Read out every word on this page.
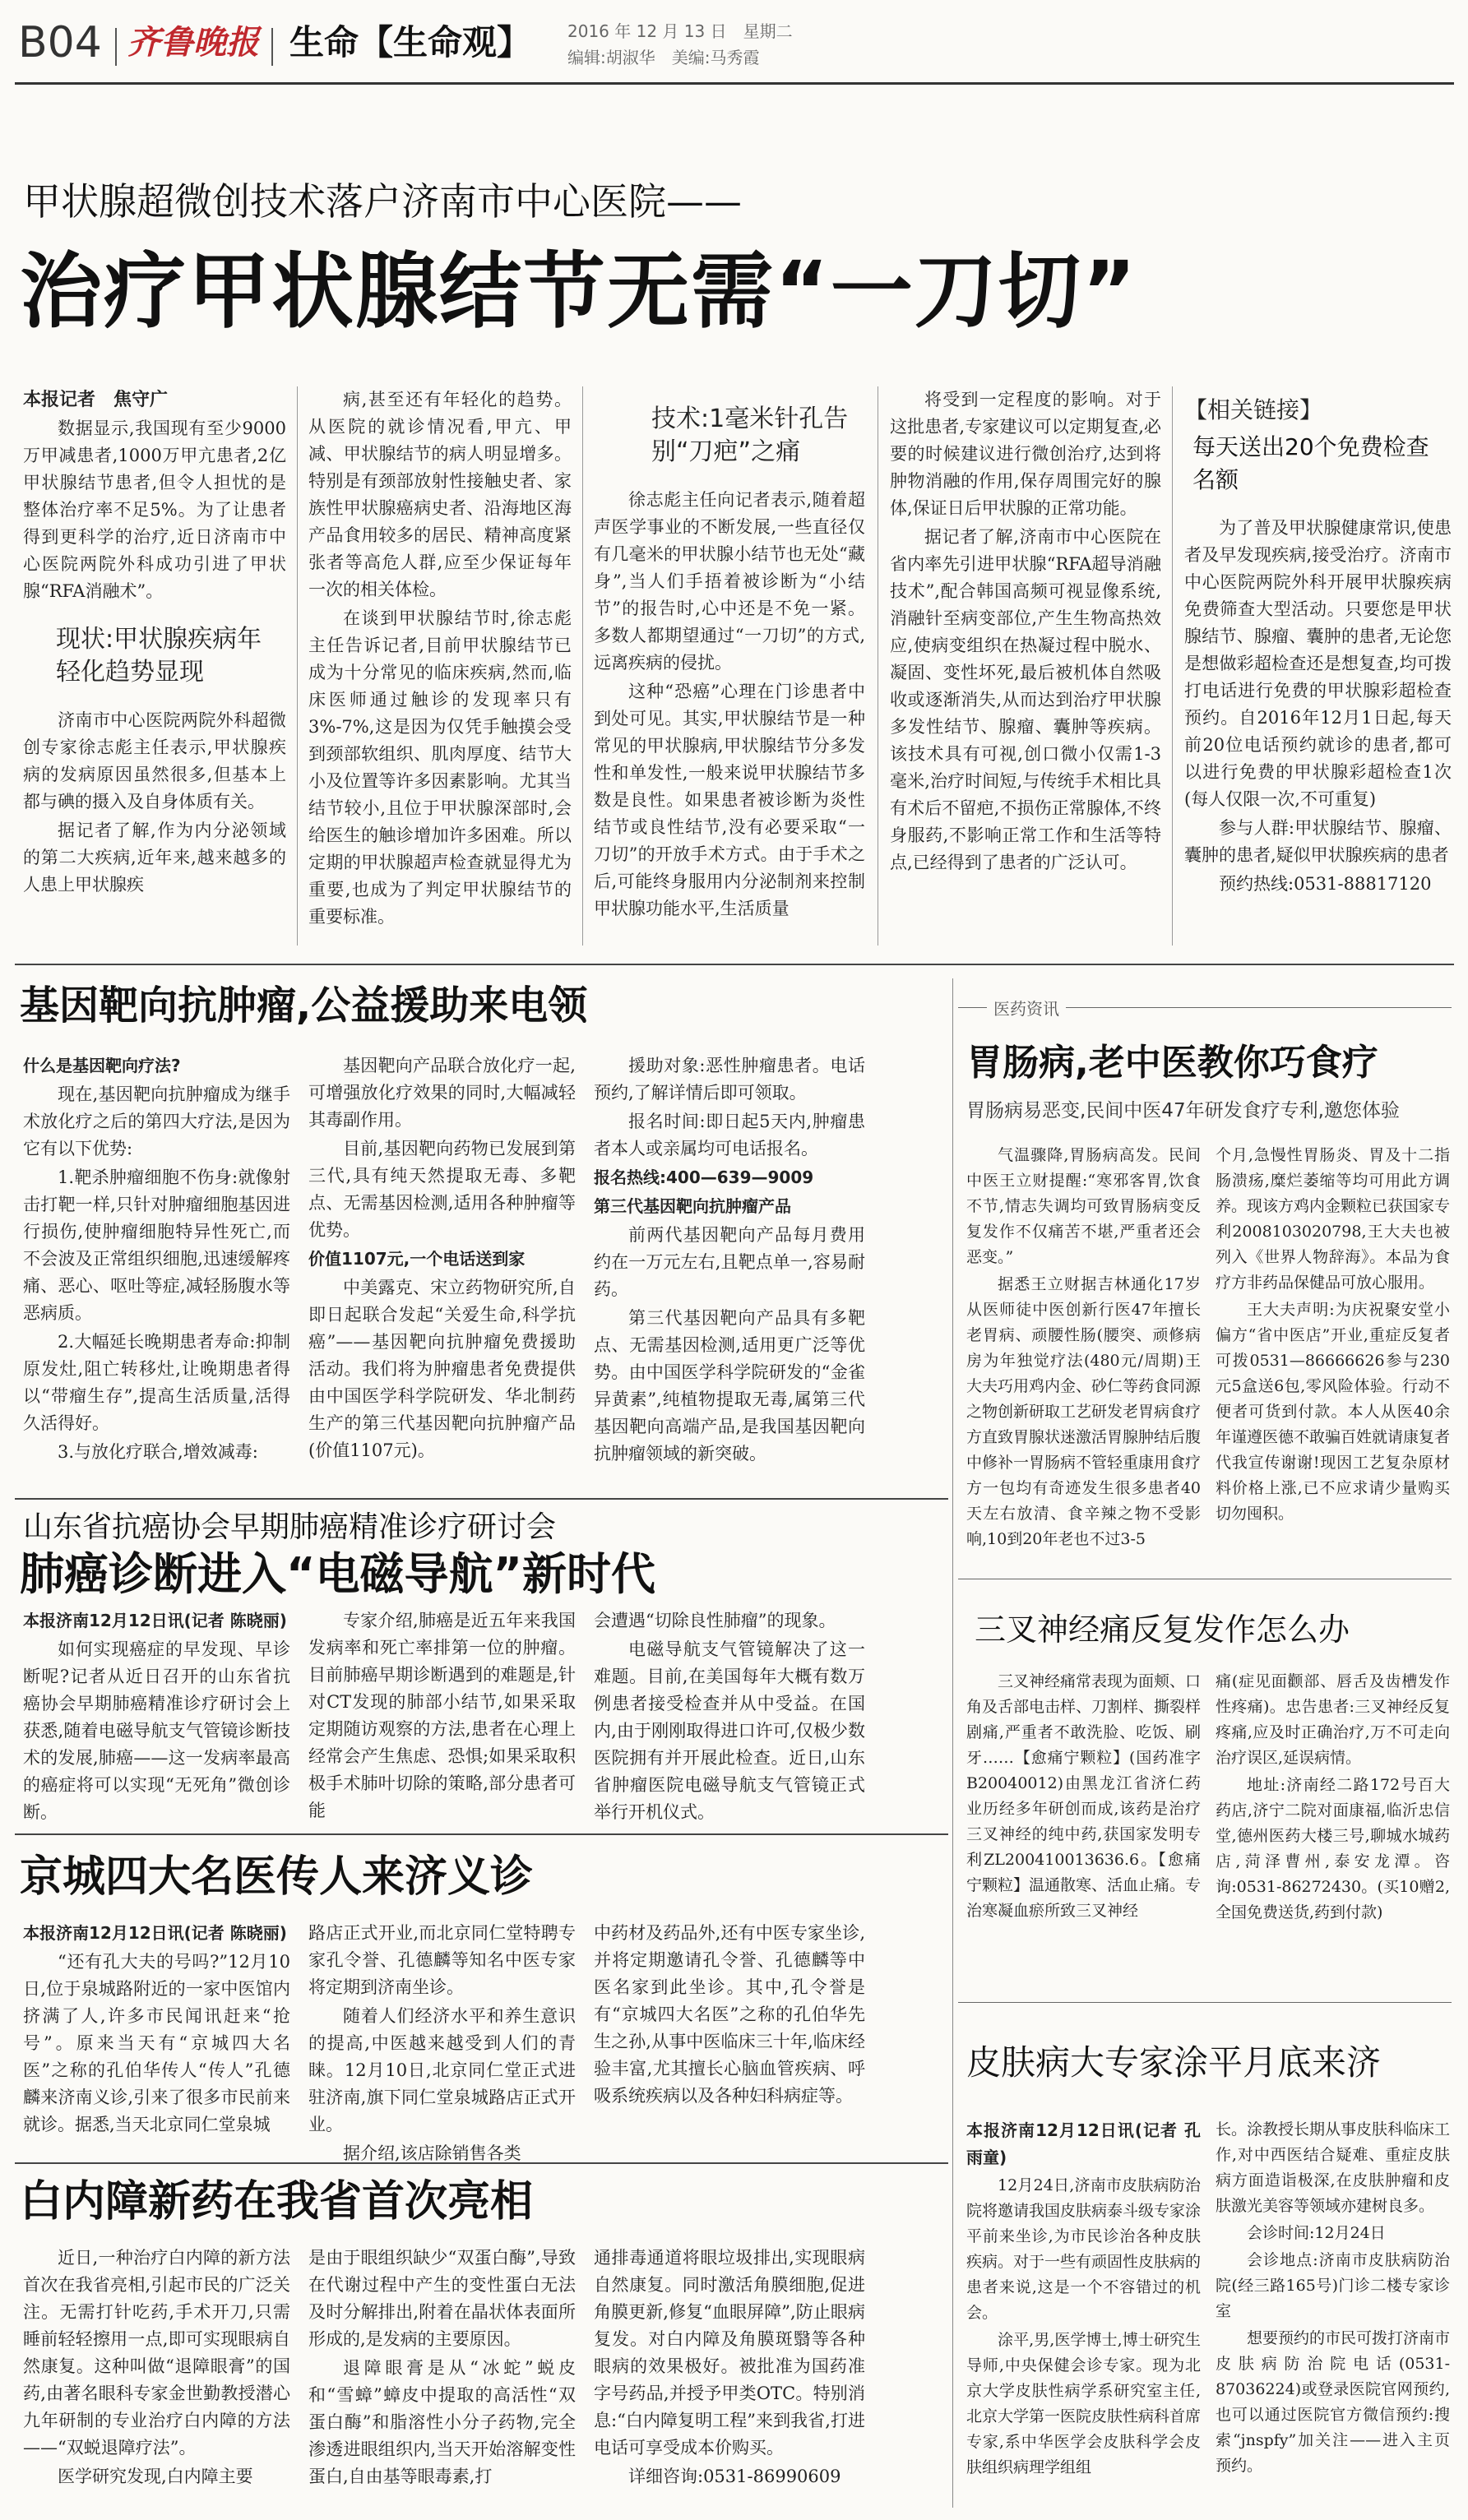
B04 齐鲁晚报 生命【生命观】 2016 年 12 月 13 日　星期二
编辑:胡淑华　美编:马秀霞
甲状腺超微创技术落户济南市中心医院——
治疗甲状腺结节无需“一刀切”
本报记者　焦守广

数据显示,我国现有至少9000万甲减患者,1000万甲亢患者,2亿甲状腺结节患者,但令人担忧的是整体治疗率不足5%。为了让患者得到更科学的治疗,近日济南市中心医院两院外科成功引进了甲状腺“RFA消融术”。

现状:甲状腺疾病年轻化趋势显现

济南市中心医院两院外科超微创专家徐志彪主任表示,甲状腺疾病的发病原因虽然很多,但基本上都与碘的摄入及自身体质有关。

据记者了解,作为内分泌领域的第二大疾病,近年来,越来越多的人患上甲状腺疾

病,甚至还有年轻化的趋势。从医院的就诊情况看,甲亢、甲减、甲状腺结节的病人明显增多。特别是有颈部放射性接触史者、家族性甲状腺癌病史者、沿海地区海产品食用较多的居民、精神高度紧张者等高危人群,应至少保证每年一次的相关体检。

在谈到甲状腺结节时,徐志彪主任告诉记者,目前甲状腺结节已成为十分常见的临床疾病,然而,临床医师通过触诊的发现率只有3%-7%,这是因为仅凭手触摸会受到颈部软组织、肌肉厚度、结节大小及位置等许多因素影响。尤其当结节较小,且位于甲状腺深部时,会给医生的触诊增加许多困难。所以定期的甲状腺超声检查就显得尤为重要,也成为了判定甲状腺结节的重要标准。

技术:1毫米针孔告别“刀疤”之痛

徐志彪主任向记者表示,随着超声医学事业的不断发展,一些直径仅有几毫米的甲状腺小结节也无处“藏身”,当人们手捂着被诊断为“小结节”的报告时,心中还是不免一紧。多数人都期望通过“一刀切”的方式,远离疾病的侵扰。

这种“恐癌”心理在门诊患者中到处可见。其实,甲状腺结节是一种常见的甲状腺病,甲状腺结节分多发性和单发性,一般来说甲状腺结节多数是良性。如果患者被诊断为炎性结节或良性结节,没有必要采取“一刀切”的开放手术方式。由于手术之后,可能终身服用内分泌制剂来控制甲状腺功能水平,生活质量

将受到一定程度的影响。对于这批患者,专家建议可以定期复查,必要的时候建议进行微创治疗,达到将肿物消融的作用,保存周围完好的腺体,保证日后甲状腺的正常功能。

据记者了解,济南市中心医院在省内率先引进甲状腺“RFA超导消融技术”,配合韩国高频可视显像系统,消融针至病变部位,产生生物高热效应,使病变组织在热凝过程中脱水、凝固、变性坏死,最后被机体自然吸收或逐渐消失,从而达到治疗甲状腺多发性结节、腺瘤、囊肿等疾病。该技术具有可视,创口微小仅需1-3毫米,治疗时间短,与传统手术相比具有术后不留疤,不损伤正常腺体,不终身服药,不影响正常工作和生活等特点,已经得到了患者的广泛认可。

【相关链接】
每天送出20个免费检查名额

为了普及甲状腺健康常识,使患者及早发现疾病,接受治疗。济南市中心医院两院外科开展甲状腺疾病免费筛查大型活动。只要您是甲状腺结节、腺瘤、囊肿的患者,无论您是想做彩超检查还是想复查,均可拨打电话进行免费的甲状腺彩超检查预约。自2016年12月1日起,每天前20位电话预约就诊的患者,都可以进行免费的甲状腺彩超检查1次(每人仅限一次,不可重复)

参与人群:甲状腺结节、腺瘤、囊肿的患者,疑似甲状腺疾病的患者

预约热线:0531-88817120

基因靶向抗肿瘤,公益援助来电领
什么是基因靶向疗法?

现在,基因靶向抗肿瘤成为继手术放化疗之后的第四大疗法,是因为它有以下优势:

1.靶杀肿瘤细胞不伤身:就像射击打靶一样,只针对肿瘤细胞基因进行损伤,使肿瘤细胞特异性死亡,而不会波及正常组织细胞,迅速缓解疼痛、恶心、呕吐等症,减轻肠腹水等恶病质。

2.大幅延长晚期患者寿命:抑制原发灶,阻亡转移灶,让晚期患者得以“带瘤生存”,提高生活质量,活得久活得好。

3.与放化疗联合,增效减毒:

基因靶向产品联合放化疗一起,可增强放化疗效果的同时,大幅减轻其毒副作用。

目前,基因靶向药物已发展到第三代,具有纯天然提取无毒、多靶点、无需基因检测,适用各种肿瘤等优势。

价值1107元,一个电话送到家

中美露克、宋立药物研究所,自即日起联合发起“关爱生命,科学抗癌”——基因靶向抗肿瘤免费援助活动。我们将为肿瘤患者免费提供由中国医学科学院研发、华北制药生产的第三代基因靶向抗肿瘤产品(价值1107元)。

援助对象:恶性肿瘤患者。电话预约,了解详情后即可领取。

报名时间:即日起5天内,肿瘤患者本人或亲属均可电话报名。

报名热线:400—639—9009
第三代基因靶向抗肿瘤产品

前两代基因靶向产品每月费用约在一万元左右,且靶点单一,容易耐药。

第三代基因靶向产品具有多靶点、无需基因检测,适用更广泛等优势。由中国医学科学院研发的“金雀异黄素”,纯植物提取无毒,属第三代基因靶向高端产品,是我国基因靶向抗肿瘤领域的新突破。

山东省抗癌协会早期肺癌精准诊疗研讨会
肺癌诊断进入“电磁导航”新时代
本报济南12月12日讯(记者 陈晓丽)

如何实现癌症的早发现、早诊断呢?记者从近日召开的山东省抗癌协会早期肺癌精准诊疗研讨会上获悉,随着电磁导航支气管镜诊断技术的发展,肺癌——这一发病率最高的癌症将可以实现“无死角”微创诊断。

专家介绍,肺癌是近五年来我国发病率和死亡率排第一位的肿瘤。目前肺癌早期诊断遇到的难题是,针对CT发现的肺部小结节,如果采取定期随访观察的方法,患者在心理上经常会产生焦虑、恐惧;如果采取积极手术肺叶切除的策略,部分患者可能

会遭遇“切除良性肺瘤”的现象。

电磁导航支气管镜解决了这一难题。目前,在美国每年大概有数万例患者接受检查并从中受益。在国内,由于刚刚取得进口许可,仅极少数医院拥有并开展此检查。近日,山东省肿瘤医院电磁导航支气管镜正式举行开机仪式。

京城四大名医传人来济义诊
本报济南12月12日讯(记者 陈晓丽)

“还有孔大夫的号吗?”12月10日,位于泉城路附近的一家中医馆内挤满了人,许多市民闻讯赶来“抢号”。原来当天有“京城四大名医”之称的孔伯华传人“传人”孔德麟来济南义诊,引来了很多市民前来就诊。据悉,当天北京同仁堂泉城

路店正式开业,而北京同仁堂特聘专家孔令誉、孔德麟等知名中医专家将定期到济南坐诊。

随着人们经济水平和养生意识的提高,中医越来越受到人们的青睐。12月10日,北京同仁堂正式进驻济南,旗下同仁堂泉城路店正式开业。

据介绍,该店除销售各类

中药材及药品外,还有中医专家坐诊,并将定期邀请孔令誉、孔德麟等中医名家到此坐诊。其中,孔令誉是有“京城四大名医”之称的孔伯华先生之孙,从事中医临床三十年,临床经验丰富,尤其擅长心脑血管疾病、呼吸系统疾病以及各种妇科病症等。

白内障新药在我省首次亮相

近日,一种治疗白内障的新方法首次在我省亮相,引起市民的广泛关注。无需打针吃药,手术开刀,只需睡前轻轻擦用一点,即可实现眼病自然康复。这种叫做“退障眼膏”的国药,由著名眼科专家金世勤教授潜心九年研制的专业治疗白内障的方法——“双蜕退障疗法”。

医学研究发现,白内障主要

是由于眼组织缺少“双蛋白酶”,导致在代谢过程中产生的变性蛋白无法及时分解排出,附着在晶状体表面所形成的,是发病的主要原因。

退障眼膏是从“冰蛇”蜕皮和“雪蟑”蟑皮中提取的高活性“双蛋白酶”和脂溶性小分子药物,完全渗透进眼组织内,当天开始溶解变性蛋白,自由基等眼毒素,打

通排毒通道将眼垃圾排出,实现眼病自然康复。同时激活角膜细胞,促进角膜更新,修复“血眼屏障”,防止眼病复发。对白内障及角膜斑翳等各种眼病的效果极好。被批准为国药准字号药品,并授予甲类OTC。特别消息:“白内障复明工程”来到我省,打进电话可享受成本价购买。

详细咨询:0531-86990609

医药资讯
胃肠病,老中医教你巧食疗
胃肠病易恶变,民间中医47年研发食疗专利,邀您体验

气温骤降,胃肠病高发。民间中医王立财提醒:“寒邪客胃,饮食不节,情志失调均可致胃肠病变反复发作不仅痛苦不堪,严重者还会恶变。”

据悉王立财据吉林通化17岁从医师徒中医创新行医47年擅长老胃病、顽腰性肠(腰突、顽修病房为年独觉疗法(480元/周期)王大夫巧用鸡内金、砂仁等药食同源之物创新研取工艺研发老胃病食疗方直致胃腺状迷激活胃腺肿结后腹中修补一胃肠病不管轻重康用食疗方一包均有奇迹发生很多患者40天左右放清、食辛辣之物不受影响,10到20年老也不过3-5

个月,急慢性胃肠炎、胃及十二指肠溃疡,糜烂萎缩等均可用此方调养。现该方鸡内金颗粒已获国家专利2008103020798,王大夫也被列入《世界人物辞海》。本品为食疗方非药品保健品可放心服用。

王大夫声明:为庆祝聚安堂小偏方“省中医店”开业,重症反复者可拨0531—86666626参与230元5盒送6包,零风险体验。行动不便者可货到付款。本人从医40余年谨遵医德不敢骗百姓就请康复者代我宣传谢谢!现因工艺复杂原材料价格上涨,已不应求请少量购买切勿囤积。

三叉神经痛反复发作怎么办

三叉神经痛常表现为面颊、口角及舌部电击样、刀割样、撕裂样剧痛,严重者不敢洗脸、吃饭、刷牙……【愈痛宁颗粒】(国药准字B20040012)由黑龙江省济仁药业历经多年研创而成,该药是治疗三叉神经的纯中药,获国家发明专利ZL200410013636.6。【愈痛宁颗粒】温通散寒、活血止痛。专治寒凝血瘀所致三叉神经

痛(症见面颧部、唇舌及齿槽发作性疼痛)。忠告患者:三叉神经反复疼痛,应及时正确治疗,万不可走向治疗误区,延误病情。

地址:济南经二路172号百大药店,济宁二院对面康福,临沂忠信堂,德州医药大楼三号,聊城水城药店,菏泽曹州,泰安龙潭。咨询:0531-86272430。(买10赠2,全国免费送货,药到付款)

皮肤病大专家涂平月底来济
本报济南12月12日讯(记者 孔雨童)

12月24日,济南市皮肤病防治院将邀请我国皮肤病泰斗级专家涂平前来坐诊,为市民诊治各种皮肤疾病。对于一些有顽固性皮肤病的患者来说,这是一个不容错过的机会。

涂平,男,医学博士,博士研究生导师,中央保健会诊专家。现为北京大学皮肤性病学系研究室主任,北京大学第一医院皮肤性病科首席专家,系中华医学会皮肤科学会皮肤组织病理学组组

长。涂教授长期从事皮肤科临床工作,对中西医结合疑难、重症皮肤病方面造诣极深,在皮肤肿瘤和皮肤激光美容等领域亦建树良多。

会诊时间:12月24日

会诊地点:济南市皮肤病防治院(经三路165号)门诊二楼专家诊室

想要预约的市民可拨打济南市皮肤病防治院电话(0531-87036224)或登录医院官网预约,也可以通过医院官方微信预约:搜索“jnspfy”加关注——进入主页预约。
